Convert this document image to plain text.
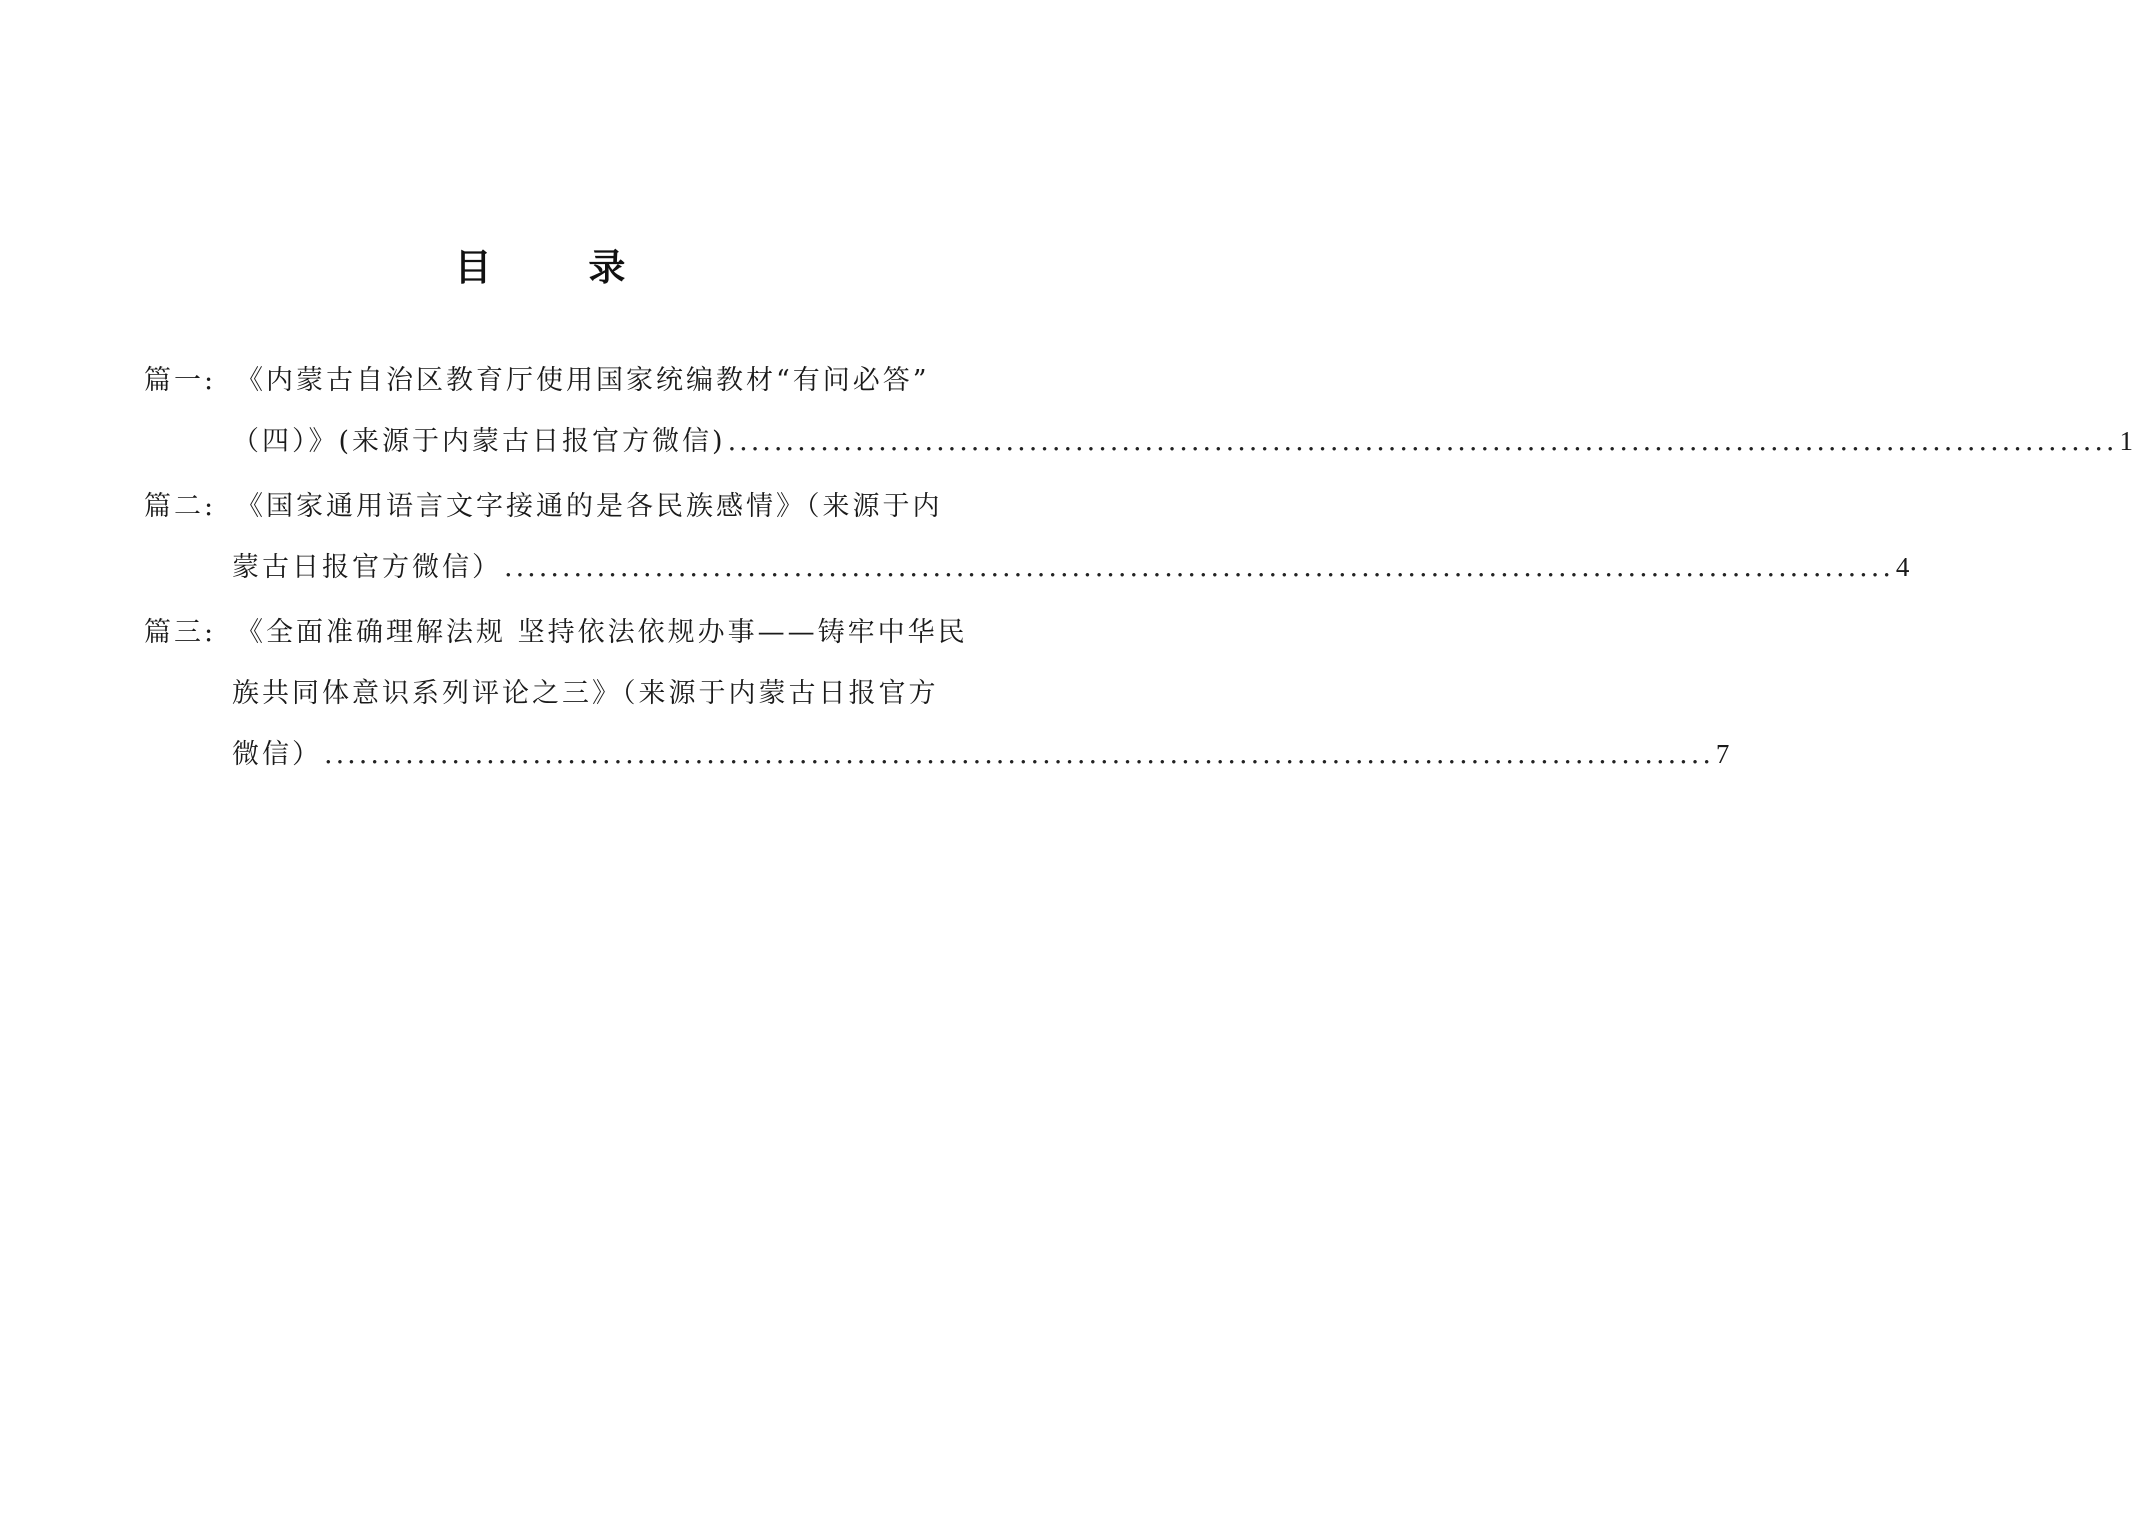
目 录
篇一: 《内蒙古自治区教育厅使用国家统编教材“有问必答”
（四）》(来源于内蒙古日报官方微信) ........................................................................................................................ 1
篇二: 《国家通用语言文字接通的是各民族感情》（来源于内
蒙古日报官方微信） ........................................................................................................................ 4
篇三: 《全面准确理解法规 坚持依法依规办事——铸牢中华民
族共同体意识系列评论之三》（来源于内蒙古日报官方
微信） ........................................................................................................................ 7
